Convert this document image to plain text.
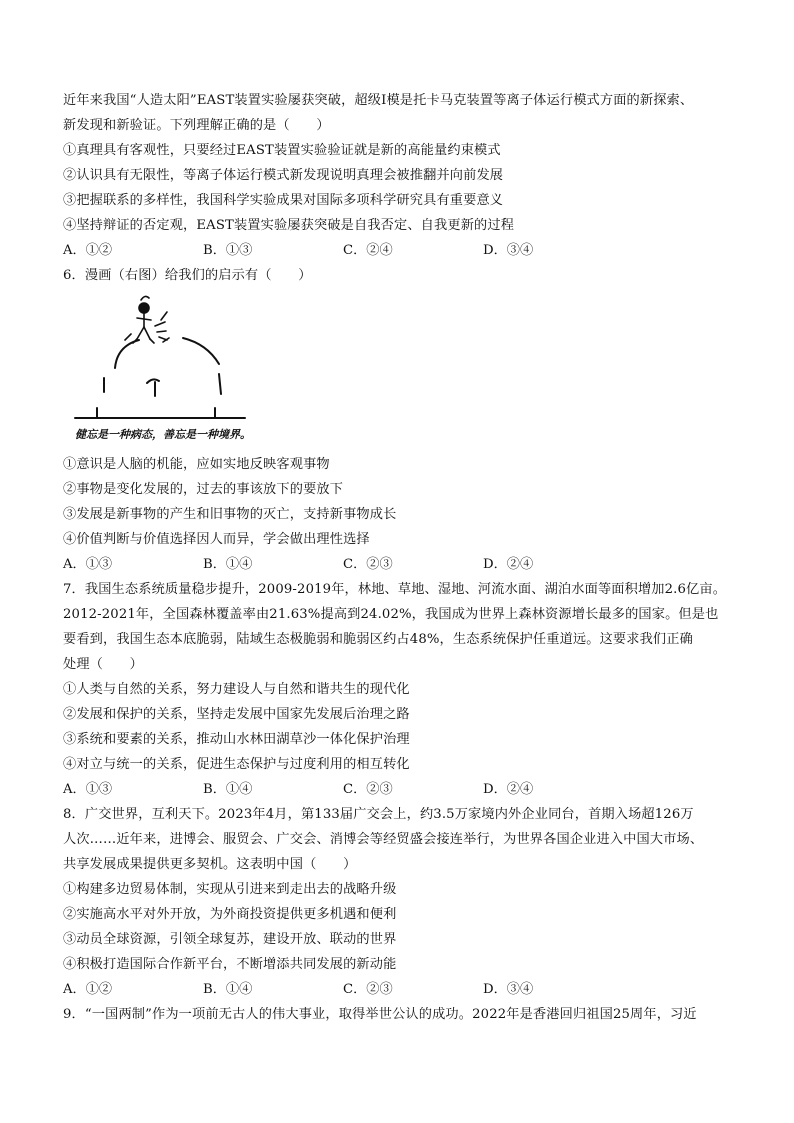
近年来我国“人造太阳”EAST装置实验屡获突破，超级I模是托卡马克装置等离子体运行模式方面的新探索、
新发现和新验证。下列理解正确的是（　　）
①真理具有客观性，只要经过EAST装置实验验证就是新的高能量约束模式
②认识具有无限性，等离子体运行模式新发现说明真理会被推翻并向前发展
③把握联系的多样性，我国科学实验成果对国际多项科学研究具有重要意义
④坚持辩证的否定观，EAST装置实验屡获突破是自我否定、自我更新的过程
A．①②	B．①③	C．②④	D．③④
6．漫画（右图）给我们的启示有（　　）
健忘是一种病态，善忘是一种境界。
①意识是人脑的机能，应如实地反映客观事物
②事物是变化发展的，过去的事该放下的要放下
③发展是新事物的产生和旧事物的灭亡，支持新事物成长
④价值判断与价值选择因人而异，学会做出理性选择
A．①③	B．①④	C．②③	D．②④
7．我国生态系统质量稳步提升，2009-2019年，林地、草地、湿地、河流水面、湖泊水面等面积增加2.6亿亩。
2012-2021年，全国森林覆盖率由21.63%提高到24.02%，我国成为世界上森林资源增长最多的国家。但是也
要看到，我国生态本底脆弱，陆域生态极脆弱和脆弱区约占48%，生态系统保护任重道远。这要求我们正确
处理（　　）
①人类与自然的关系，努力建设人与自然和谐共生的现代化
②发展和保护的关系，坚持走发展中国家先发展后治理之路
③系统和要素的关系，推动山水林田湖草沙一体化保护治理
④对立与统一的关系，促进生态保护与过度利用的相互转化
A．①③	B．①④	C．②③	D．②④
8．广交世界，互利天下。2023年4月，第133届广交会上，约3.5万家境内外企业同台，首期入场超126万
人次……近年来，进博会、服贸会、广交会、消博会等经贸盛会接连举行，为世界各国企业进入中国大市场、
共享发展成果提供更多契机。这表明中国（　　）
①构建多边贸易体制，实现从引进来到走出去的战略升级
②实施高水平对外开放，为外商投资提供更多机遇和便利
③动员全球资源，引领全球复苏，建设开放、联动的世界
④积极打造国际合作新平台，不断增添共同发展的新动能
A．①②	B．①④	C．②③	D．③④
9．“一国两制”作为一项前无古人的伟大事业，取得举世公认的成功。2022年是香港回归祖国25周年，习近
